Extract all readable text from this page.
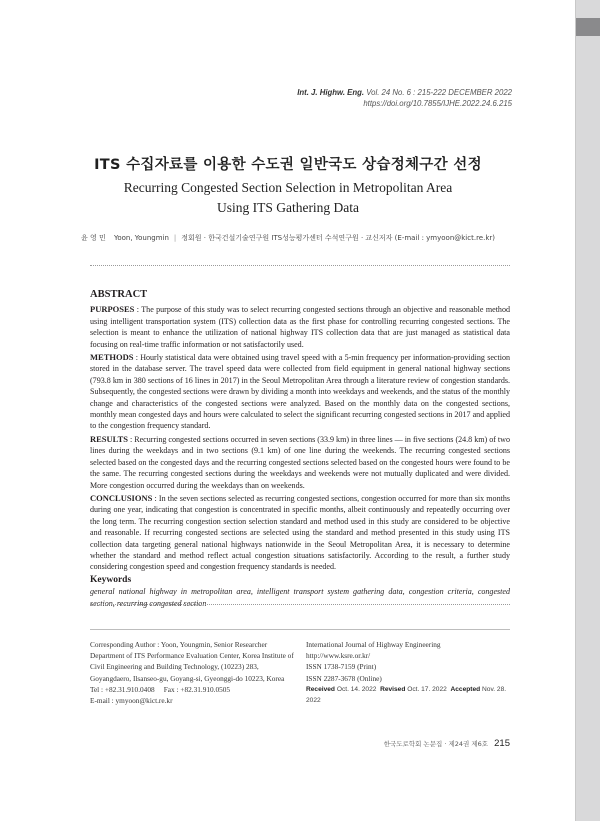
Int. J. Highw. Eng. Vol. 24 No. 6 : 215-222 DECEMBER 2022
https://doi.org/10.7855/IJHE.2022.24.6.215
ITS 수집자료를 이용한 수도권 일반국도 상습정체구간 선정
Recurring Congested Section Selection in Metropolitan Area
Using ITS Gathering Data
윤 영 민 Yoon, Youngmin | 정회원 · 한국건설기술연구원 ITS성능평가센터 수석연구원 · 교신저자 (E-mail : ymyoon@kict.re.kr)
ABSTRACT

PURPOSES : The purpose of this study was to select recurring congested sections through an objective and reasonable method using intelligent transportation system (ITS) collection data as the first phase for controlling recurring congested sections. The selection is meant to enhance the utilization of national highway ITS collection data that are just managed as statistical data focusing on real-time traffic information or not satisfactorily used.

METHODS : Hourly statistical data were obtained using travel speed with a 5-min frequency per information-providing section stored in the database server. The travel speed data were collected from field equipment in general national highway sections (793.8 km in 380 sections of 16 lines in 2017) in the Seoul Metropolitan Area through a literature review of congestion standards. Subsequently, the congested sections were drawn by dividing a month into weekdays and weekends, and the status of the monthly change and characteristics of the congested sections were analyzed. Based on the monthly data on the congested sections, monthly mean congested days and hours were calculated to select the significant recurring congested sections in 2017 and applied to the congestion frequency standard.

RESULTS : Recurring congested sections occurred in seven sections (33.9 km) in three lines — in five sections (24.8 km) of two lines during the weekdays and in two sections (9.1 km) of one line during the weekends. The recurring congested sections selected based on the congested days and the recurring congested sections selected based on the congested hours were found to be the same. The recurring congested sections during the weekdays and weekends were not mutually duplicated and were divided. More congestion occurred during the weekdays than on weekends.

CONCLUSIONS : In the seven sections selected as recurring congested sections, congestion occurred for more than six months during one year, indicating that congestion is concentrated in specific months, albeit continuously and repeatedly occurring over the long term. The recurring congestion section selection standard and method used in this study are considered to be objective and reasonable. If recurring congested sections are selected using the standard and method presented in this study using ITS collection data targeting general national highways nationwide in the Seoul Metropolitan Area, it is necessary to determine whether the standard and method reflect actual congestion situations satisfactorily. According to the result, a further study considering congestion speed and congestion frequency standards is needed.

Keywords

general national highway in metropolitan area, intelligent transport system gathering data, congestion criteria, congested section, recurring congested section

Corresponding Author : Yoon, Youngmin, Senior Researcher
Department of ITS Performance Evaluation Center, Korea Institute of
Civil Engineering and Building Technology, (10223) 283,
Goyangdaero, Ilsanseo-gu, Goyang-si, Gyeonggi-do 10223, Korea
Tel : +82.31.910.0408     Fax : +82.31.910.0505
E-mail : ymyoon@kict.re.kr
International Journal of Highway Engineering
http://www.ksre.or.kr/
ISSN 1738-7159 (Print)
ISSN 2287-3678 (Online)
Received Oct. 14. 2022 Revised Oct. 17. 2022 Accepted Nov. 28. 2022
한국도로학회 논문집 · 제24권 제6호 215
